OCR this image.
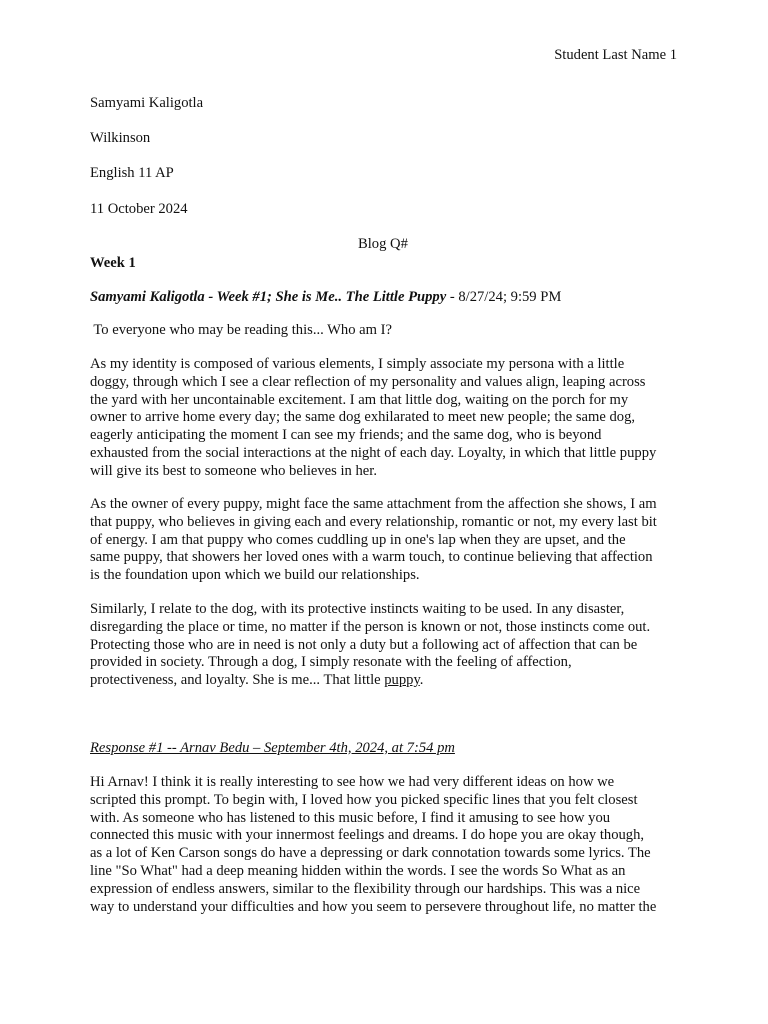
Student Last Name 1
Samyami Kaligotla
Wilkinson
English 11 AP
11 October 2024
Blog Q#
Week 1
Samyami Kaligotla - Week #1; She is Me.. The Little Puppy - 8/27/24; 9:59 PM
To everyone who may be reading this... Who am I?
As my identity is composed of various elements, I simply associate my persona with a little
doggy, through which I see a clear reflection of my personality and values align, leaping across
the yard with her uncontainable excitement. I am that little dog, waiting on the porch for my
owner to arrive home every day; the same dog exhilarated to meet new people; the same dog,
eagerly anticipating the moment I can see my friends; and the same dog, who is beyond
exhausted from the social interactions at the night of each day. Loyalty, in which that little puppy
will give its best to someone who believes in her.
As the owner of every puppy, might face the same attachment from the affection she shows, I am
that puppy, who believes in giving each and every relationship, romantic or not, my every last bit
of energy. I am that puppy who comes cuddling up in one's lap when they are upset, and the
same puppy, that showers her loved ones with a warm touch, to continue believing that affection
is the foundation upon which we build our relationships.
Similarly, I relate to the dog, with its protective instincts waiting to be used. In any disaster,
disregarding the place or time, no matter if the person is known or not, those instincts come out.
Protecting those who are in need is not only a duty but a following act of affection that can be
provided in society. Through a dog, I simply resonate with the feeling of affection,
protectiveness, and loyalty. She is me... That little puppy.
Response #1 -- Arnav Bedu – September 4th, 2024, at 7:54 pm
Hi Arnav! I think it is really interesting to see how we had very different ideas on how we
scripted this prompt. To begin with, I loved how you picked specific lines that you felt closest
with. As someone who has listened to this music before, I find it amusing to see how you
connected this music with your innermost feelings and dreams. I do hope you are okay though,
as a lot of Ken Carson songs do have a depressing or dark connotation towards some lyrics. The
line "So What" had a deep meaning hidden within the words. I see the words So What as an
expression of endless answers, similar to the flexibility through our hardships. This was a nice
way to understand your difficulties and how you seem to persevere throughout life, no matter the
